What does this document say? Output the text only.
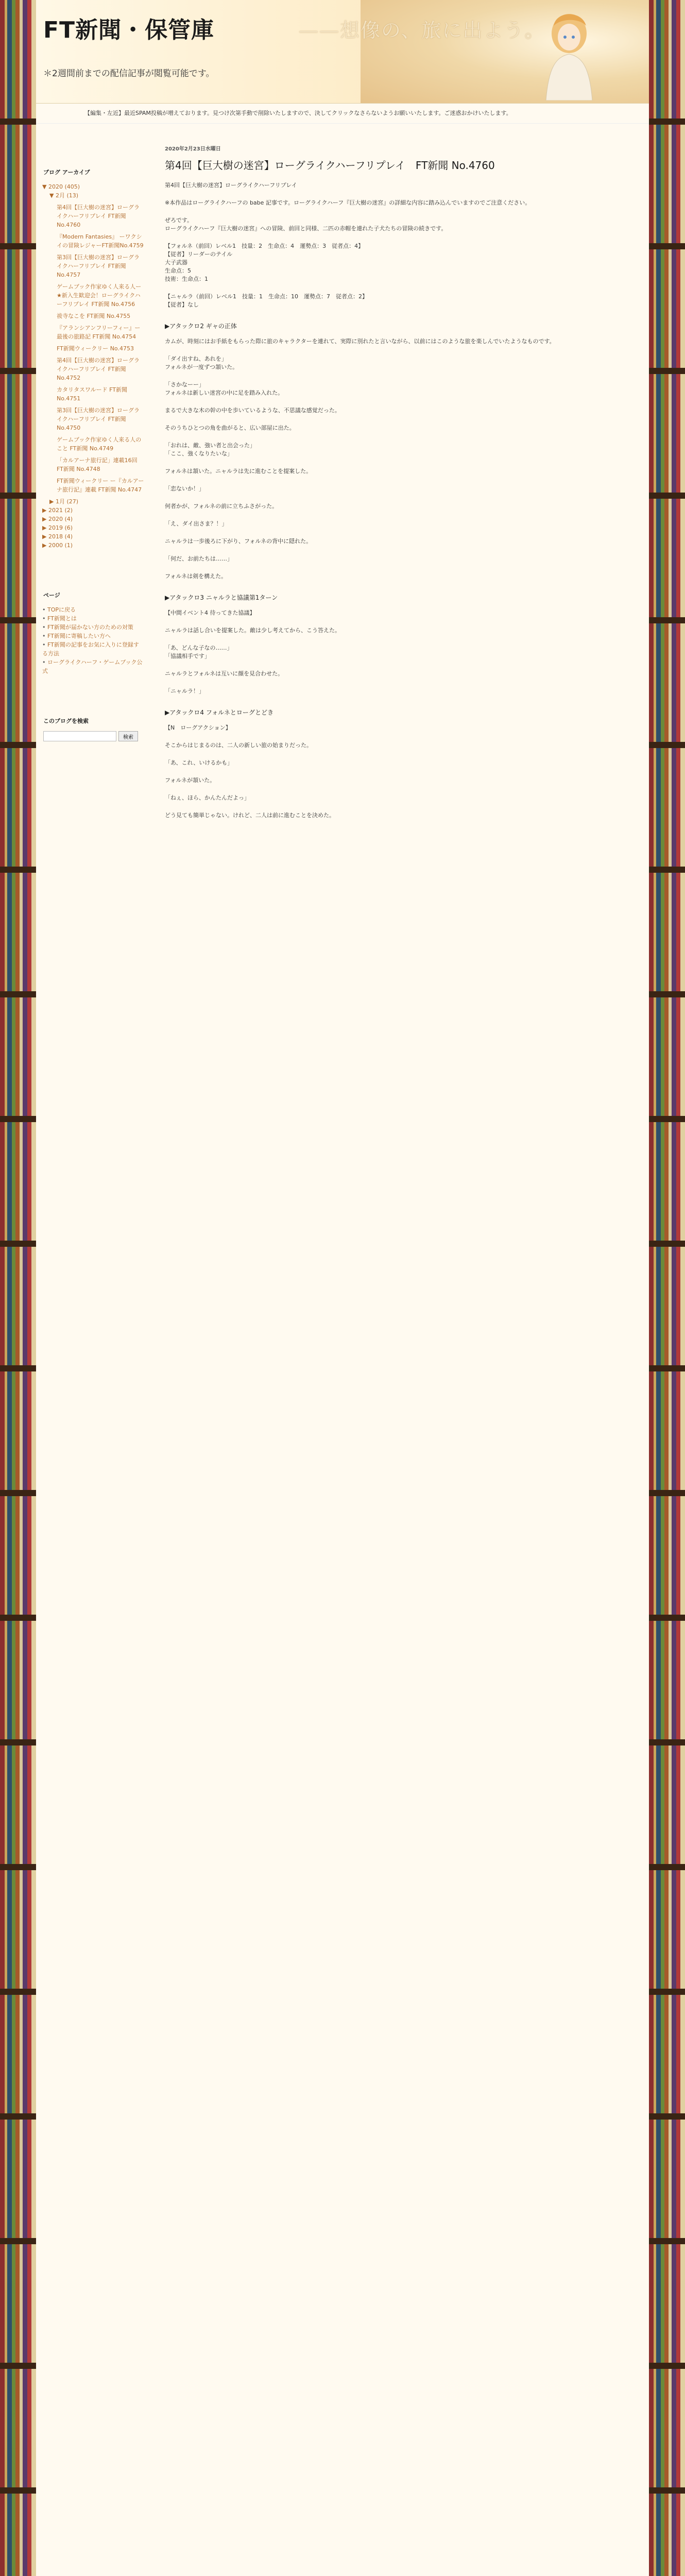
——想像の、旅に出よう。
FT新聞・保管庫
＊2週間前までの配信記事が閲覧可能です。
【編集・左近】最近SPAM投稿が増えております。見つけ次第手動で削除いたしますので、決してクリックなさらないようお願いいたします。ご迷惑おかけいたします。
ブログ アーカイブ
▼ 2020 (405)
▼ 2月 (13)
第4回【巨大樹の迷宮】ローグライクハーフリプレイ FT新聞 No.4760
『Modern Fantasies』 ーワクシイの冒険レジャーFT新聞No.4759
第3回【巨大樹の迷宮】ローグライクハーフリプレイ FT新聞 No.4757
ゲームブック作家ゆく人来る人ー★新入生歓迎会！ローグライクハーフリプレイ FT新聞 No.4756
祓寺なこを FT新聞 No.4755
『アランシアンフリーフィー』ー最後の旅路記 FT新聞 No.4754
FT新聞ウィークリー No.4753
第4回【巨大樹の迷宮】ローグライクハーフリプレイ FT新聞 No.4752
カタリタスワルード FT新聞 No.4751
第3回【巨大樹の迷宮】ローグライクハーフリプレイ FT新聞 No.4750
ゲームブック作家ゆく人来る人のこと FT新聞 No.4749
「カルアーナ旅行記」連載16回 FT新聞 No.4748
FT新聞ウィークリー ー『カルアーナ旅行記』連載 FT新聞 No.4747
▶ 1月 (27)
▶ 2021 (2)
▶ 2020 (4)
▶ 2019 (6)
▶ 2018 (4)
▶ 2000 (1)
ページ
• TOPに戻る
• FT新聞とは
• FT新聞が届かない方のための対策
• FT新聞に寄稿したい方へ
• FT新聞の記事をお気に入りに登録する方法
• ローグライクハーフ・ゲームブック公式
このブログを検索
検索
2020年2月23日水曜日
第4回【巨大樹の迷宮】ローグライクハーフリプレイ　FT新聞 No.4760

第4回【巨大樹の迷宮】ローグライクハーフリプレイ

※本作品はローグライクハーフの babe 記事です。ローグライクハーフ『巨大樹の迷宮』の詳細な内容に踏み込んでいますのでご注意ください。

ぜろです。
ローグライクハーフ『巨大樹の迷宮』への冒険、前回と同様、二匹の赤帽を連れた子犬たちの冒険の続きです。

【フォルネ（前回）レベル1　技量：2　生命点：4　運勢点：3　従者点：4】
【従者】リーダーのテイル
大子武器
生命点：5
技術：生命点：1

【ニャルラ（前回）レベル1　技量：1　生命点：10　運勢点：7　従者点：2】
【従者】なし

▶アタックロ2 ギャの正体

カムが、時刻にはお手紙をもらった際に旅のキャラクターを連れて、実際に別れたと言いながら、以前にはこのような旅を楽しんでいたようなものです。

「ダイ出すね、あれを」
フォルネが一度ずつ頷いた。

「さかなーー」
フォルネは新しい迷宮の中に足を踏み入れた。

まるで大きな木の幹の中を歩いているような、不思議な感覚だった。

そのうちひとつの角を曲がると、広い部屋に出た。

「おれは、敵、強い者と出会った」
「ここ、強くなりたいな」

フォルネは頷いた。ニャルラは先に進むことを提案した。

「恋ないか！」

何者かが、フォルネの前に立ちふさがった。

「え、ダイ出さま？！」

ニャルラは一歩後ろに下がり、フォルネの背中に隠れた。

「何だ、お前たちは……」

フォルネは剣を構えた。

▶アタックロ3 ニャルラと協議第1ターン

【中間イベント4 待ってきた協議】

ニャルラは話し合いを提案した。敵は少し考えてから、こう答えた。

「あ、どんな子なの……」
「協議相手です」

ニャルラとフォルネは互いに顔を見合わせた。

「ニャルラ！」

▶アタックロ4 フォルネとローグとどき

【N　ローグアクション】

そこからはじまるのは、二人の新しい旅の始まりだった。

「あ、これ、いけるかも」

フォルネが頷いた。

「ねぇ、ほら、かんたんだよっ」

どう見ても簡単じゃない。けれど、二人は前に進むことを決めた。
